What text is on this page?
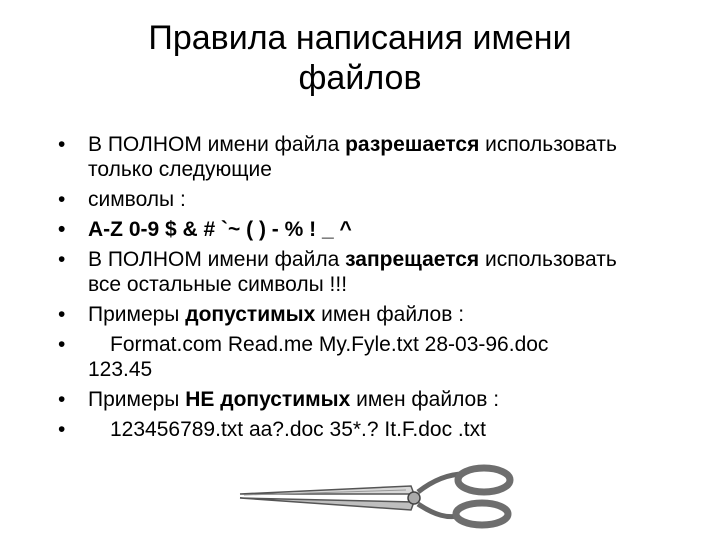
Правила написания имени
файлов
• В ПОЛНОМ имени файла разрешается использовать
только следующие
• символы :
• A-Z 0-9 $ & # `~ ( ) - % ! _ ^
• В ПОЛНОМ имени файла запрещается использовать
все остальные символы !!!
• Примеры допустимых имен файлов :
• Format.com Read.me My.Fyle.txt 28-03-96.doc
123.45
• Примеры НЕ допустимых имен файлов :
• 123456789.txt aa?.doc 35*.? It.F.doc .txt
